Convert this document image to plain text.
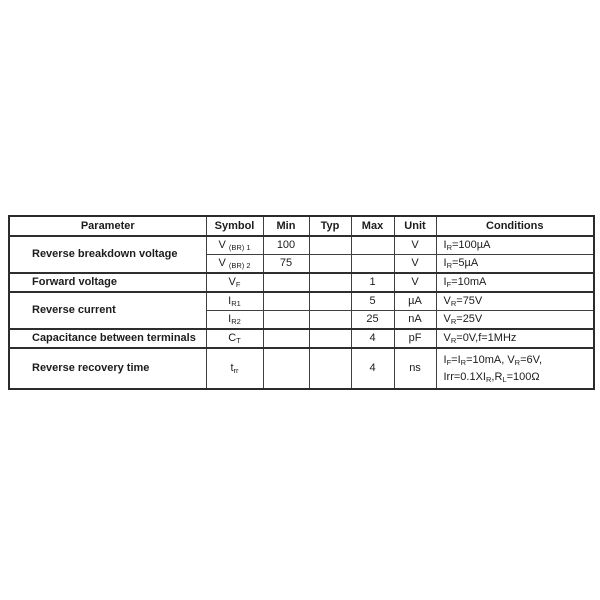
Parameter	Symbol	Min	Typ	Max	Unit	Conditions
Reverse breakdown voltage	V $_{(BR) 1}$	100			V	$I_R=100\mu A$

	V $_{(BR) 2}$	75			V	$I_R=5\mu A$

Forward voltage	$V_F$			1	V	$I_F=10mA$

Reverse current	$I_{R1}$			5	µA	$V_R=75V$

	$I_{R2}$			25	nA	$V_R=25V$

Capacitance between terminals	$C_T$			4	pF	$V_R=0V,f=1MHz$

Reverse recovery time	$t_{rr}$			4	ns	$I_F=I_R=10mA$, $V_R=6V$,
$Irr=0.1XI_R,R_L=100\Omega$
